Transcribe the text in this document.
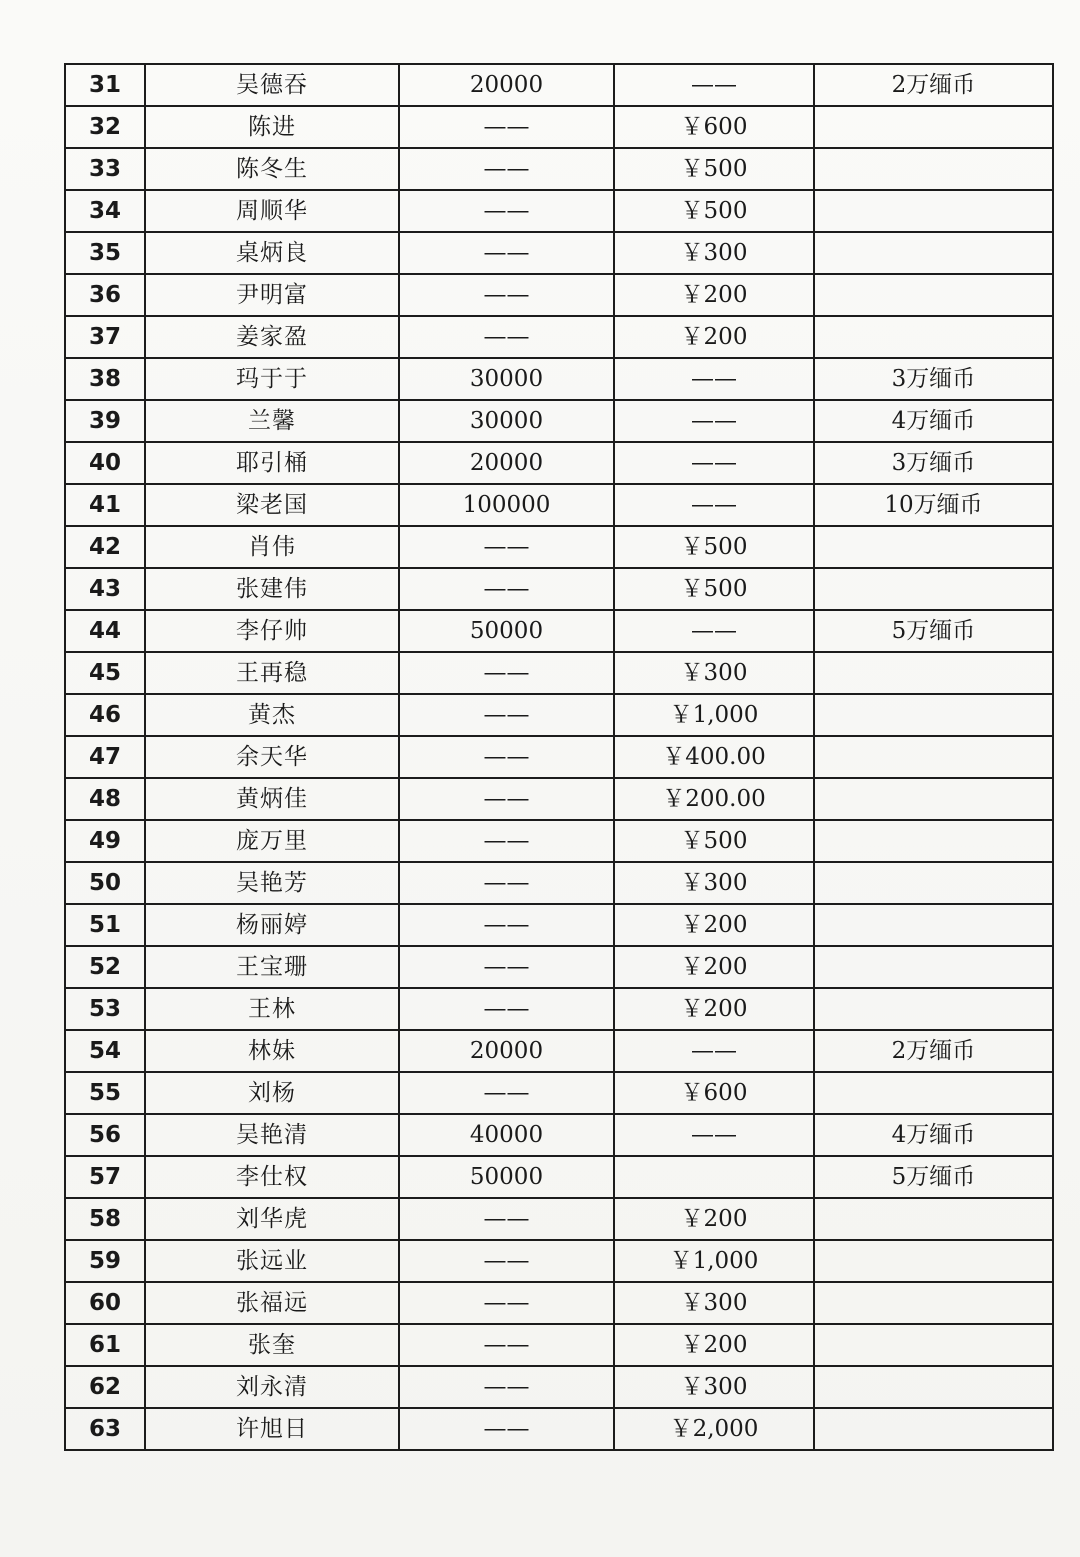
31	吴德吞	20000	——	2万缅币
32	陈进	——	￥600	
33	陈冬生	——	￥500	
34	周顺华	——	￥500	
35	桌炳良	——	￥300	
36	尹明富	——	￥200	
37	姜家盈	——	￥200	
38	玛于于	30000	——	3万缅币
39	兰馨	30000	——	4万缅币
40	耶引桶	20000	——	3万缅币
41	梁老国	100000	——	10万缅币
42	肖伟	——	￥500	
43	张建伟	——	￥500	
44	李仔帅	50000	——	5万缅币
45	王再稳	——	￥300	
46	黄杰	——	￥1,000	
47	余天华	——	￥400.00	
48	黄炳佳	——	￥200.00	
49	庞万里	——	￥500	
50	吴艳芳	——	￥300	
51	杨丽婷	——	￥200	
52	王宝珊	——	￥200	
53	王林	——	￥200	
54	林妹	20000	——	2万缅币
55	刘杨	——	￥600	
56	吴艳清	40000	——	4万缅币
57	李仕权	50000		5万缅币
58	刘华虎	——	￥200	
59	张远业	——	￥1,000	
60	张福远	——	￥300	
61	张奎	——	￥200	
62	刘永清	——	￥300	
63	许旭日	——	￥2,000	
